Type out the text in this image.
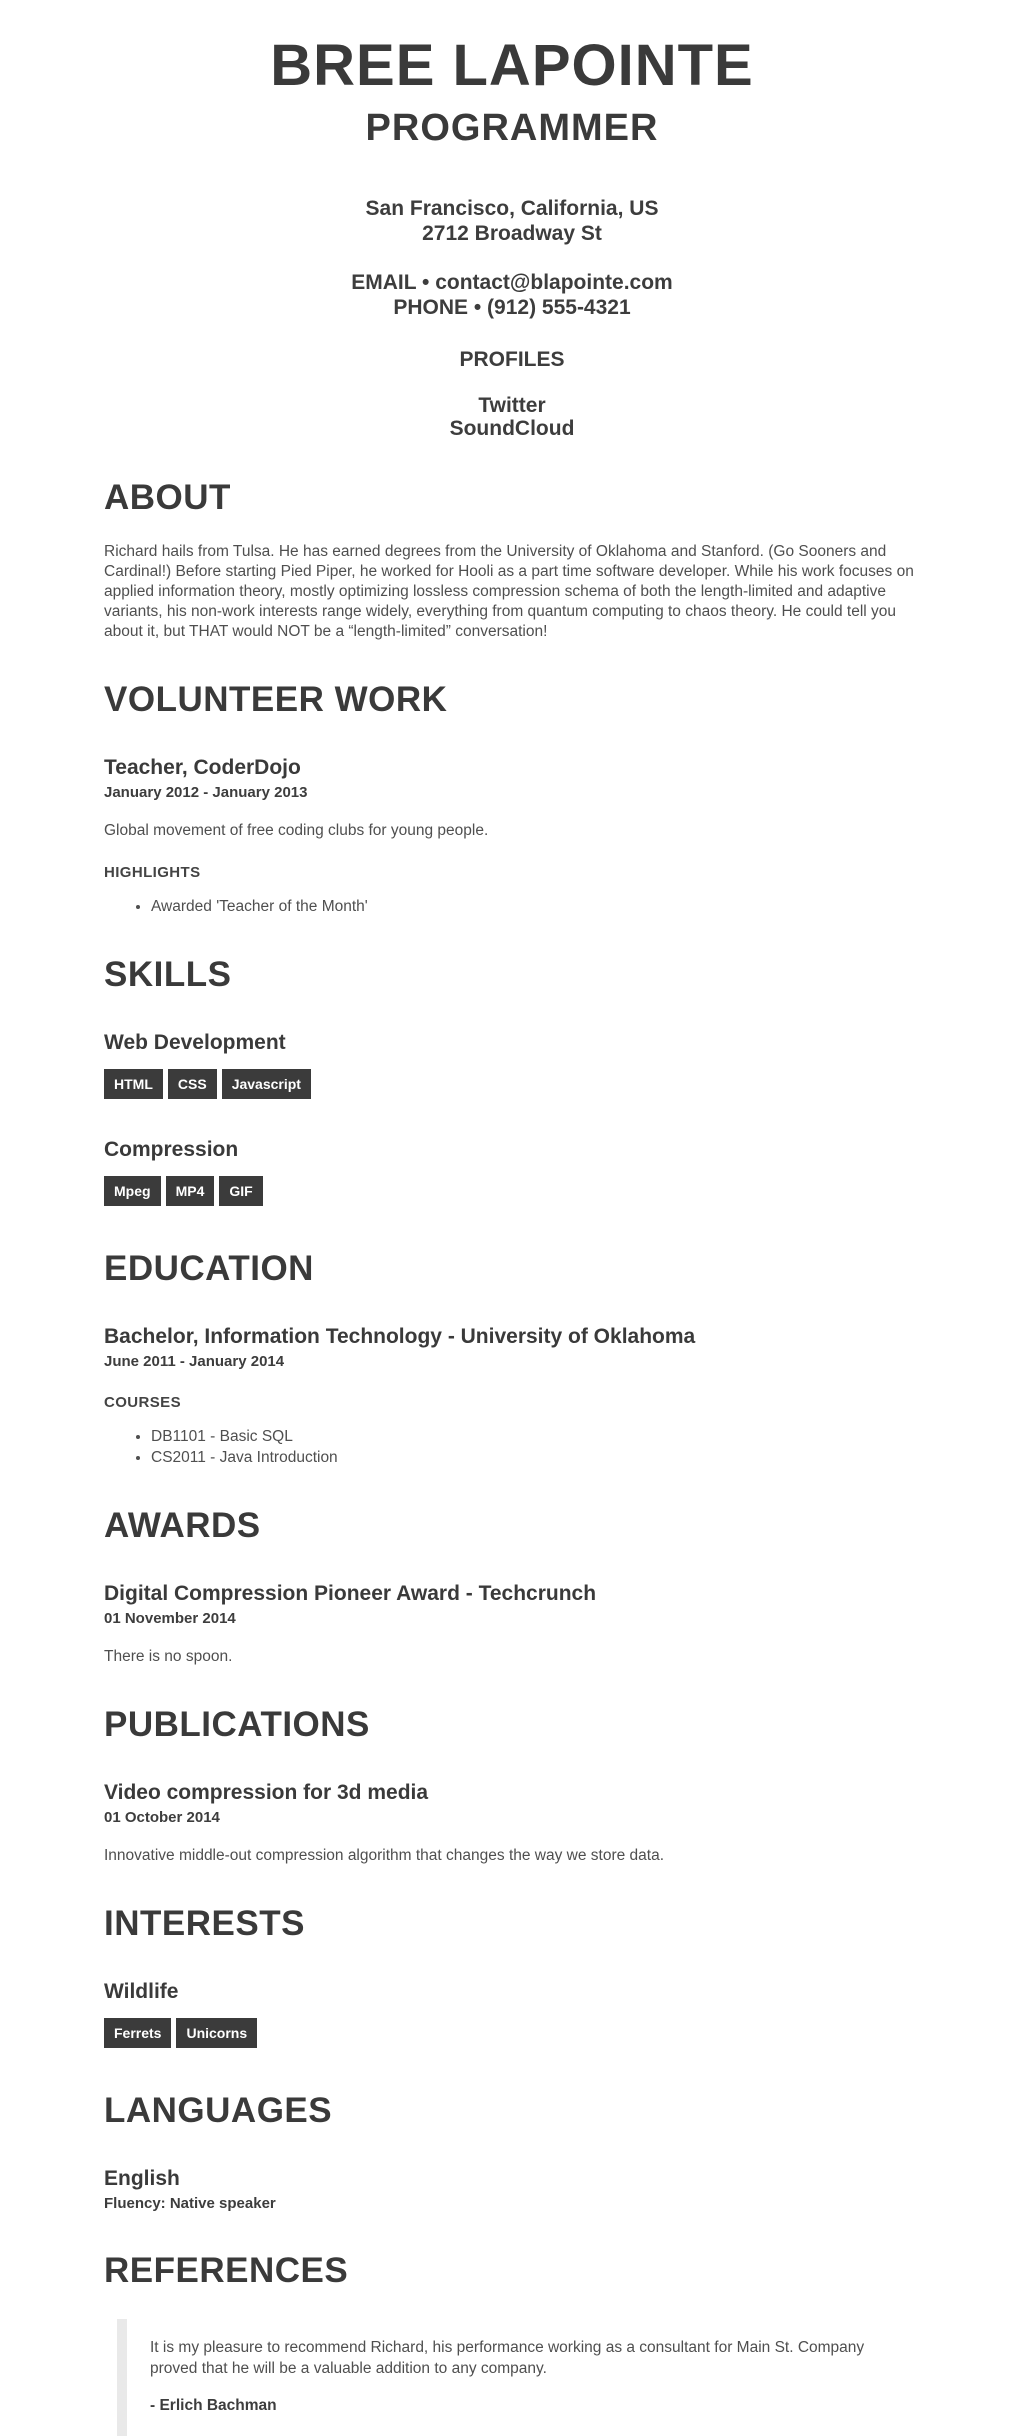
BREE LAPOINTE
PROGRAMMER
San Francisco, California, US
2712 Broadway St
EMAIL • contact@blapointe.com
PHONE • (912) 555-4321
PROFILES
Twitter
SoundCloud
ABOUT

Richard hails from Tulsa. He has earned degrees from the University of Oklahoma and Stanford. (Go Sooners and Cardinal!) Before starting Pied Piper, he worked for Hooli as a part time software developer. While his work focuses on applied information theory, mostly optimizing lossless compression schema of both the length-limited and adaptive variants, his non-work interests range widely, everything from quantum computing to chaos theory. He could tell you about it, but THAT would NOT be a “length-limited” conversation!

VOLUNTEER WORK
Teacher, CoderDojo
January 2012 - January 2013
Global movement of free coding clubs for young people.
HIGHLIGHTS
• Awarded 'Teacher of the Month'
SKILLS
Web Development
HTML CSS Javascript
Compression
Mpeg MP4 GIF
EDUCATION
Bachelor, Information Technology - University of Oklahoma
June 2011 - January 2014
COURSES
• DB1101 - Basic SQL
• CS2011 - Java Introduction
AWARDS
Digital Compression Pioneer Award - Techcrunch
01 November 2014
There is no spoon.
PUBLICATIONS
Video compression for 3d media
01 October 2014
Innovative middle-out compression algorithm that changes the way we store data.
INTERESTS
Wildlife
Ferrets Unicorns
LANGUAGES
English
Fluency: Native speaker
REFERENCES

It is my pleasure to recommend Richard, his performance working as a consultant for Main St. Company proved that he will be a valuable addition to any company.

- Erlich Bachman
